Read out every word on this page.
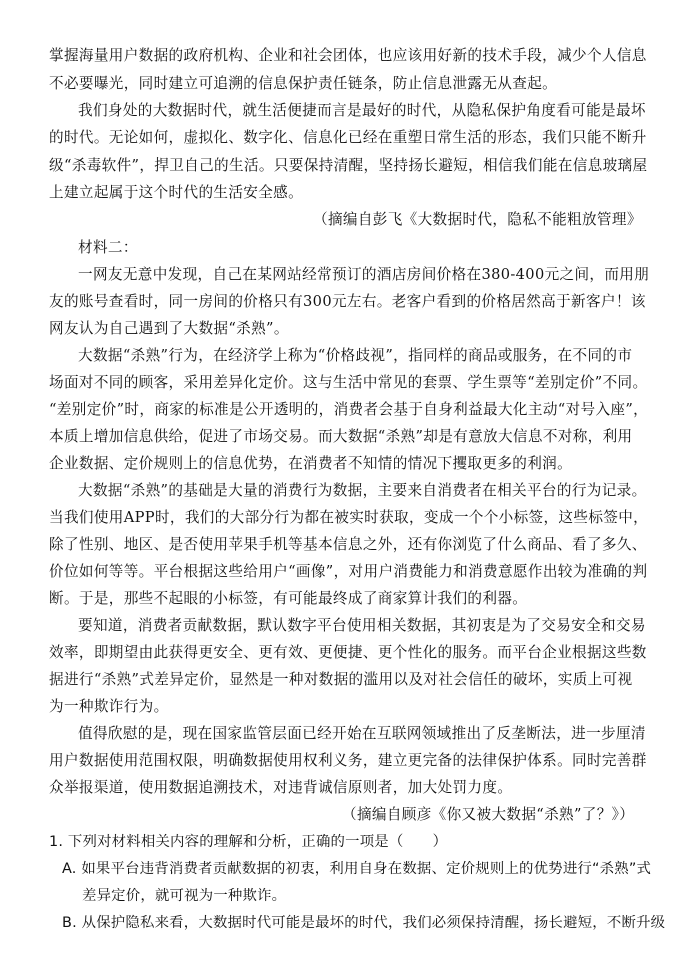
掌握海量用户数据的政府机构、企业和社会团体，也应该用好新的技术手段，减少个人信息
不必要曝光，同时建立可追溯的信息保护责任链条，防止信息泄露无从查起。
我们身处的大数据时代，就生活便捷而言是最好的时代，从隐私保护角度看可能是最坏
的时代。无论如何，虚拟化、数字化、信息化已经在重塑日常生活的形态，我们只能不断升
级“杀毒软件”，捍卫自己的生活。只要保持清醒，坚持扬长避短，相信我们能在信息玻璃屋
上建立起属于这个时代的生活安全感。
（摘编自彭飞《大数据时代，隐私不能粗放管理》
材料二：
一网友无意中发现，自己在某网站经常预订的酒店房间价格在380-400元之间，而用朋
友的账号查看时，同一房间的价格只有300元左右。老客户看到的价格居然高于新客户！该
网友认为自己遇到了大数据“杀熟”。
大数据“杀熟”行为，在经济学上称为“价格歧视”，指同样的商品或服务，在不同的市
场面对不同的顾客，采用差异化定价。这与生活中常见的套票、学生票等“差别定价”不同。
“差别定价”时，商家的标准是公开透明的，消费者会基于自身利益最大化主动“对号入座”，
本质上增加信息供给，促进了市场交易。而大数据“杀熟”却是有意放大信息不对称，利用
企业数据、定价规则上的信息优势，在消费者不知情的情况下攫取更多的利润。
大数据“杀熟”的基础是大量的消费行为数据，主要来自消费者在相关平台的行为记录。
当我们使用APP时，我们的大部分行为都在被实时获取，变成一个个小标签，这些标签中，
除了性别、地区、是否使用苹果手机等基本信息之外，还有你浏览了什么商品、看了多久、
价位如何等等。平台根据这些给用户“画像”，对用户消费能力和消费意愿作出较为准确的判
断。于是，那些不起眼的小标签，有可能最终成了商家算计我们的利器。
要知道，消费者贡献数据，默认数字平台使用相关数据，其初衷是为了交易安全和交易
效率，即期望由此获得更安全、更有效、更便捷、更个性化的服务。而平台企业根据这些数
据进行“杀熟”式差异定价，显然是一种对数据的滥用以及对社会信任的破坏，实质上可视
为一种欺诈行为。
值得欣慰的是，现在国家监管层面已经开始在互联网领域推出了反垄断法，进一步厘清
用户数据使用范围权限，明确数据使用权利义务，建立更完备的法律保护体系。同时完善群
众举报渠道，使用数据追溯技术，对违背诚信原则者，加大处罚力度。
（摘编自顾彦《你又被大数据“杀熟”了？》）
1. 下列对材料相关内容的理解和分析，正确的一项是（　　）
A. 如果平台违背消费者贡献数据的初衷，利用自身在数据、定价规则上的优势进行“杀熟”式
差异定价，就可视为一种欺诈。
B. 从保护隐私来看，大数据时代可能是最坏的时代，我们必须保持清醒，扬长避短，不断升级
